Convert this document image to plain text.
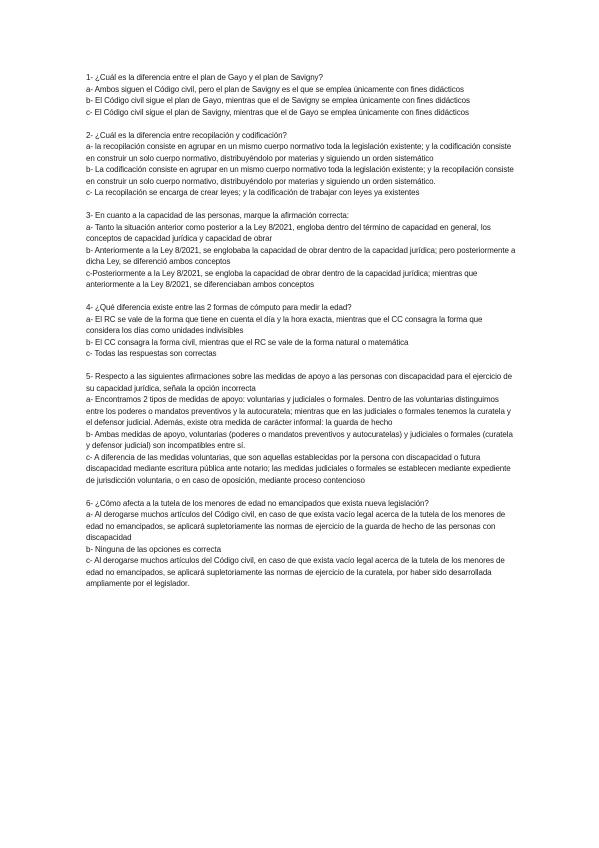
1- ¿Cuál es la diferencia entre el plan de Gayo y el plan de Savigny?

a- Ambos siguen el Código civil, pero el plan de Savigny es el que se emplea únicamente con fines didácticos

b- El Código civil sigue el plan de Gayo, mientras que el de Savigny se emplea únicamente con fines didácticos

c- El Código civil sigue el plan de Savigny, mientras que el de Gayo se emplea únicamente con fines didácticos

2- ¿Cuál es la diferencia entre recopilación y codificación?

a- la recopilación consiste en agrupar en un mismo cuerpo normativo toda la legislación existente; y la codificación consiste en construir un solo cuerpo normativo, distribuyéndolo por materias y siguiendo un orden sistemático

b- La codificación consiste en agrupar en un mismo cuerpo normativo toda la legislación existente; y la recopilación consiste en construir un solo cuerpo normativo, distribuyéndolo por materias y siguiendo un orden sistemático.

c- La recopilación se encarga de crear leyes; y la codificación de trabajar con leyes ya existentes

3- En cuanto a la capacidad de las personas, marque la afirmación correcta:

a- Tanto la situación anterior como posterior a la Ley 8/2021, engloba dentro del término de capacidad en general, los conceptos de capacidad jurídica y capacidad de obrar

b- Anteriormente a la Ley 8/2021, se englobaba la capacidad de obrar dentro de la capacidad jurídica; pero posteriormente a dicha Ley, se diferenció ambos conceptos

c-Posteriormente a la Ley 8/2021, se engloba la capacidad de obrar dentro de la capacidad jurídica; mientras que anteriormente a la Ley 8/2021, se diferenciaban ambos conceptos

4- ¿Qué diferencia existe entre las 2 formas de cómputo para medir la edad?

a- El RC se vale de la forma que tiene en cuenta el día y la hora exacta, mientras que el CC consagra la forma que considera los días como unidades indivisibles

b- El CC consagra la forma civil, mientras que el RC se vale de la forma natural o matemática

c- Todas las respuestas son correctas

5- Respecto a las siguientes afirmaciones sobre las medidas de apoyo a las personas con discapacidad para el ejercicio de su capacidad jurídica, señala la opción incorrecta

a- Encontramos 2 tipos de medidas de apoyo: voluntarias y judiciales o formales. Dentro de las voluntarias distinguimos entre los poderes o mandatos preventivos y la autocuratela; mientras que en las judiciales o formales tenemos la curatela y el defensor judicial. Además, existe otra medida de carácter informal: la guarda de hecho

b- Ambas medidas de apoyo, voluntarias (poderes o mandatos preventivos y autocuratelas) y judiciales o formales (curatela y defensor judicial) son incompatibles entre sí.

c- A diferencia de las medidas voluntarias, que son aquellas establecidas por la persona con discapacidad o futura discapacidad mediante escritura pública ante notario; las medidas judiciales o formales se establecen mediante expediente de jurisdicción voluntaria, o en caso de oposición, mediante proceso contencioso

6- ¿Cómo afecta a la tutela de los menores de edad no emancipados que exista nueva legislación?

a- Al derogarse muchos artículos del Código civil, en caso de que exista vacío legal acerca de la tutela de los menores de edad no emancipados, se aplicará supletoriamente las normas de ejercicio de la guarda de hecho de las personas con discapacidad

b- Ninguna de las opciones es correcta

c- Al derogarse muchos artículos del Código civil, en caso de que exista vacío legal acerca de la tutela de los menores de edad no emancipados, se aplicará supletoriamente las normas de ejercicio de la curatela, por haber sido desarrollada ampliamente por el legislador.
